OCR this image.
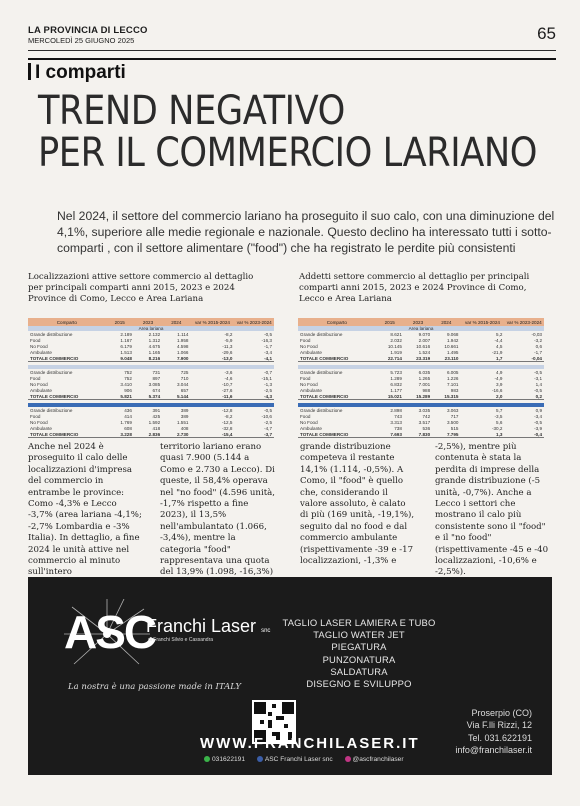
LA PROVINCIA DI LECCO
MERCOLEDÌ 25 GIUGNO 2025	65
I comparti
TREND NEGATIVO
PER IL COMMERCIO LARIANO
Nel 2024, il settore del commercio lariano ha proseguito il suo calo, con una diminuzione del 4,1%, superiore alle medie regionale e nazionale. Questo declino ha interessato tutti i sotto-comparti , con il settore alimentare ("food") che ha registrato le perdite più consistenti
Localizzazioni attive settore commercio al dettaglio per principali comparti anni 2015, 2023 e 2024 Province di Como, Lecco e Area Lariana
Addetti settore commercio al dettaglio per principali comparti anni 2015, 2023 e 2024 Province di Como, Lecco e Area Lariana
Comparto	2015	2023	2024	var % 2015-2024	var % 2023-2024
Area lariana					
Grande distribuzione	2.189	2.132	1.114	-8,2	-0,5
Food	1.167	1.312	1.958	-5,9	-16,3
No Food	6.179	4.675	4.598	-11,3	-1,7
Ambulante	1.513	1.165	1.066	-29,6	-3,4
TOTALE COMMERCIO	9.048	8.216	7.900	-13,0	-4,1

Grande distribuzione	752	731	725	-3,6	-0,7
Food	752	897	710	-4,6	-15,1
No Food	3.410	3.085	3.044	-10,7	-1,3
Ambulante	906	674	657	-27,6	-2,5
TOTALE COMMERCIO	5.821	5.374	5.144	-11,6	-4,3

Grande distribuzione	436	391	389	-12,8	-0,5
Food	414	425	389	-8,2	-10,6
No Food	1.769	1.592	1.551	-12,5	-2,5
Ambulante	608	418	408	-32,8	-4,7
TOTALE COMMERCIO	3.228	2.836	2.730	-15,4	-3,7
Comparto	2015	2023	2024	var % 2015-2024	var % 2023-2024
Area lariana					
Grande distribuzione	8.621	9.070	9.068	5,2	-0,03
Food	2.032	2.007	1.942	-4,4	-3,2
No Food	10.145	10.616	10.661	4,5	0,6
Ambulante	1.919	1.524	1.495	-21,9	-1,7
TOTALE COMMERCIO	22.714	23.319	23.110	1,7	-0,04

Grande distribuzione	5.723	6.035	6.005	4,9	-0,5
Food	1.289	1.265	1.226	-4,9	-3,1
No Food	6.832	7.001	7.101	3,9	1,4
Ambulante	1.177	988	983	-16,6	-0,5
TOTALE COMMERCIO	15.021	15.289	15.315	2,0	0,2

Grande distribuzione	2.898	3.035	3.063	5,7	0,9
Food	743	742	717	-3,5	-3,4
No Food	3.313	3.517	3.500	5,6	-0,5
Ambulante	738	536	515	-30,2	-3,9
TOTALE COMMERCIO	7.693	7.830	7.795	1,3	-0,4
Anche nel 2024 è proseguito il calo delle localizzazioni d'impresa del commercio in entrambe le province: Como -4,3% e Lecco -3,7% (area lariana -4,1%; -2,7% Lombardia e -3% Italia). In dettaglio, a fine 2024 le unità attive nel commercio al minuto sull'intero
territorio lariano erano quasi 7.900 (5.144 a Como e 2.730 a Lecco). Di queste, il 58,4% operava nel "no food" (4.596 unità, -1,7% rispetto a fine 2023), il 13,5% nell'ambulantato (1.066, -3,4%), mentre la categoria "food" rappresentava una quota del 13,9% (1.098, -16,3%)
grande distribuzione competeva il restante 14,1% (1.114, -0,5%). A Como, il "food" è quello che, considerando il valore assoluto, è calato di più (169 unità, -19,1%), seguito dal no food e dal commercio ambulante (rispettivamente -39 e -17 localizzazioni, -1,3% e
-2,5%), mentre più contenuta è stata la perdita di imprese della grande distribuzione (-5 unità, -0,7%). Anche a Lecco i settori che mostrano il calo più consistente sono il "food" e il "no food" (rispettivamente -45 e -40 localizzazioni, -10,6% e -2,5%).
ASC
Franchi Laser snc
di Franchi Silvio e Cassandra
La nostra è una passione made in ITALY
TAGLIO LASER LAMIERA E TUBO
TAGLIO WATER JET
PIEGATURA
PUNZONATURA
SALDATURA
DISEGNO E SVILUPPO
Proserpio (CO)
Via F.lli Rizzi, 12
Tel. 031.622191
info@franchilaser.it
WWW.FRANCHILASER.IT
031622191	ASC Franchi Laser snc	@ascfranchilaser
